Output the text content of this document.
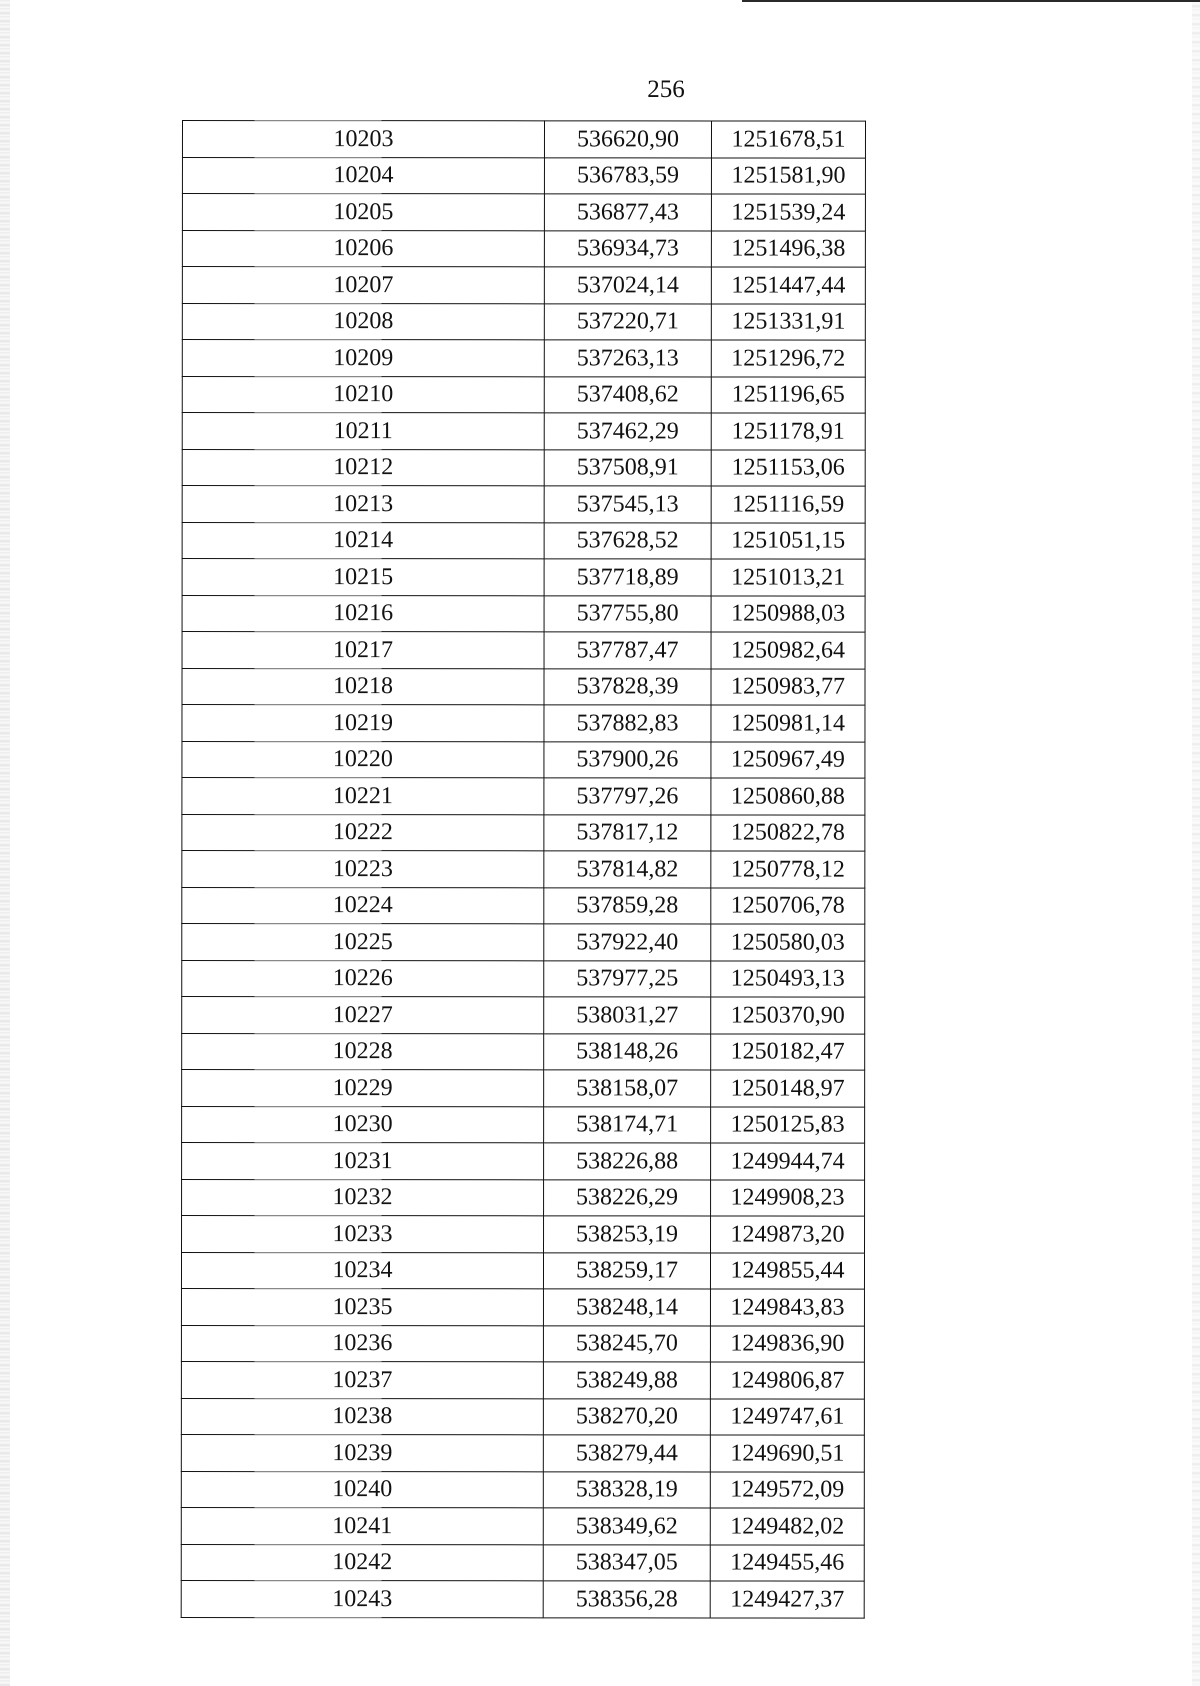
256
10203	536620,90	1251678,51
10204	536783,59	1251581,90
10205	536877,43	1251539,24
10206	536934,73	1251496,38
10207	537024,14	1251447,44
10208	537220,71	1251331,91
10209	537263,13	1251296,72
10210	537408,62	1251196,65
10211	537462,29	1251178,91
10212	537508,91	1251153,06
10213	537545,13	1251116,59
10214	537628,52	1251051,15
10215	537718,89	1251013,21
10216	537755,80	1250988,03
10217	537787,47	1250982,64
10218	537828,39	1250983,77
10219	537882,83	1250981,14
10220	537900,26	1250967,49
10221	537797,26	1250860,88
10222	537817,12	1250822,78
10223	537814,82	1250778,12
10224	537859,28	1250706,78
10225	537922,40	1250580,03
10226	537977,25	1250493,13
10227	538031,27	1250370,90
10228	538148,26	1250182,47
10229	538158,07	1250148,97
10230	538174,71	1250125,83
10231	538226,88	1249944,74
10232	538226,29	1249908,23
10233	538253,19	1249873,20
10234	538259,17	1249855,44
10235	538248,14	1249843,83
10236	538245,70	1249836,90
10237	538249,88	1249806,87
10238	538270,20	1249747,61
10239	538279,44	1249690,51
10240	538328,19	1249572,09
10241	538349,62	1249482,02
10242	538347,05	1249455,46
10243	538356,28	1249427,37
